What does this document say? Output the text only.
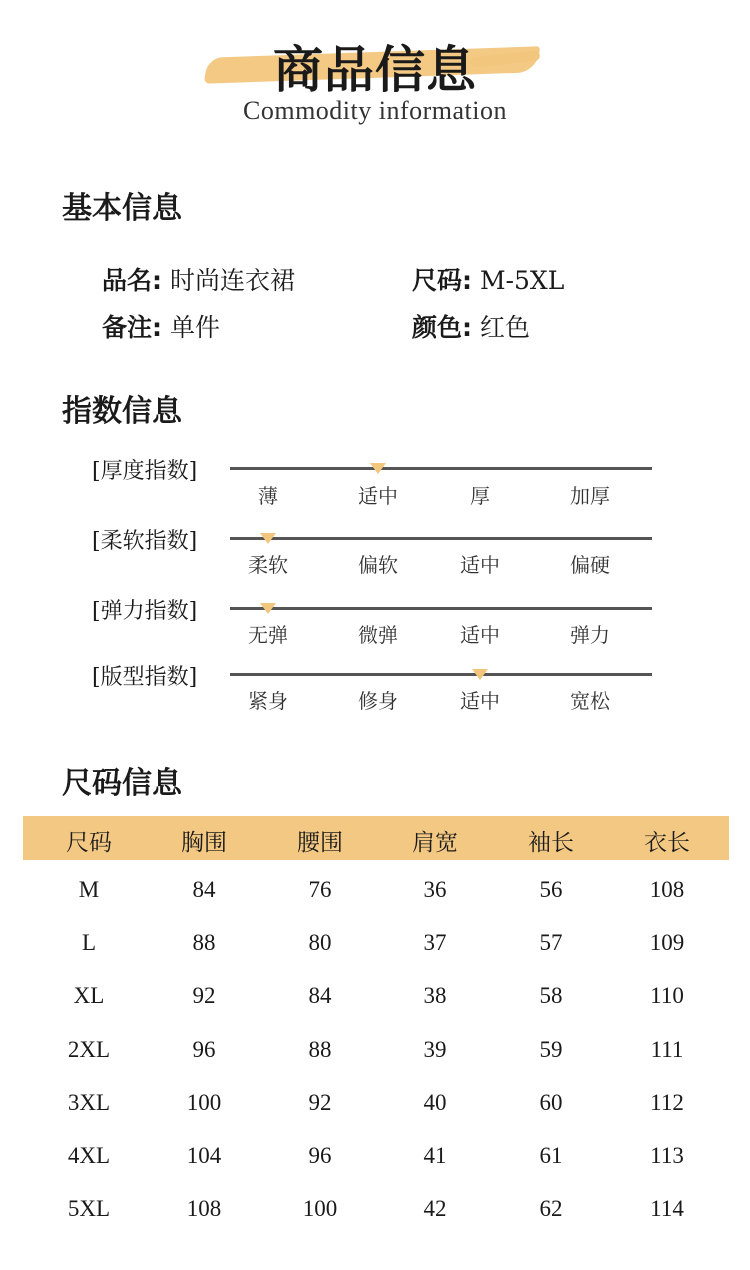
商品信息
Commodity information
基本信息
品名: 时尚连衣裙	尺码: M-5XL
备注: 单件	颜色: 红色
指数信息
[厚度指数]
薄	适中	厚	加厚
[柔软指数]
柔软	偏软	适中	偏硬
[弹力指数]
无弹	微弹	适中	弹力
[版型指数]
紧身	修身	适中	宽松
尺码信息
尺码	胸围	腰围	肩宽	袖长	衣长
M	84	76	36	56	108
L	88	80	37	57	109
XL	92	84	38	58	110
2XL	96	88	39	59	111
3XL	100	92	40	60	112
4XL	104	96	41	61	113
5XL	108	100	42	62	114
